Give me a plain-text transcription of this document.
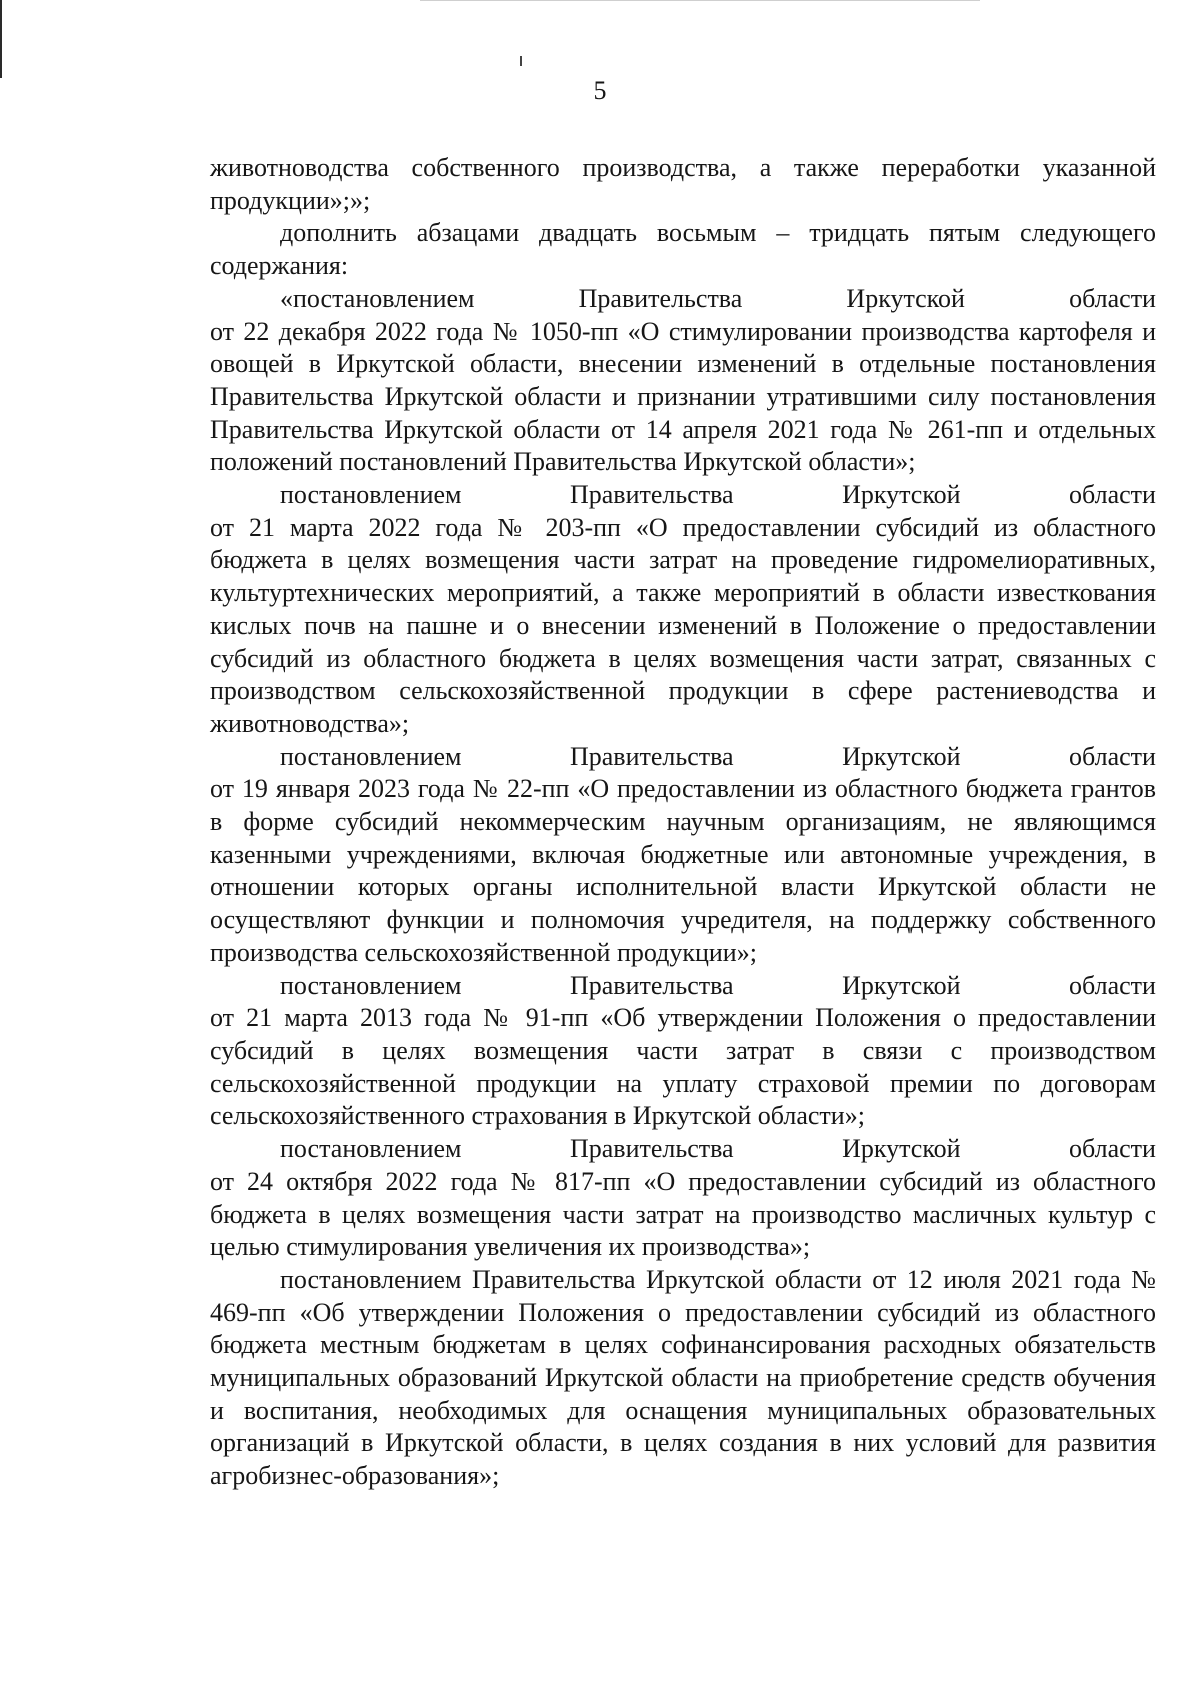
5

животноводства собственного производства, а также переработки указанной продукции»;»;

дополнить абзацами двадцать восьмым – тридцать пятым следующего содержания:

«постановлением	Правительства	Иркутской	области

от 22 декабря 2022 года № 1050-пп «О стимулировании производства картофеля и овощей в Иркутской области, внесении изменений в отдельные постановления Правительства Иркутской области и признании утратившими силу постановления Правительства Иркутской области от 14 апреля 2021 года № 261-пп и отдельных положений постановлений Правительства Иркутской области»;

постановлением	Правительства	Иркутской	области

от 21 марта 2022 года № 203-пп «О предоставлении субсидий из областного бюджета в целях возмещения части затрат на проведение гидромелиоративных, культуртехнических мероприятий, а также мероприятий в области известкования кислых почв на пашне и о внесении изменений в Положение о предоставлении субсидий из областного бюджета в целях возмещения части затрат, связанных с производством сельскохозяйственной продукции в сфере растениеводства и животноводства»;

постановлением	Правительства	Иркутской	области

от 19 января 2023 года № 22-пп «О предоставлении из областного бюджета грантов в форме субсидий некоммерческим научным организациям, не являющимся казенными учреждениями, включая бюджетные или автономные учреждения, в отношении которых органы исполнительной власти Иркутской области не осуществляют функции и полномочия учредителя, на поддержку собственного производства сельскохозяйственной продукции»;

постановлением	Правительства	Иркутской	области

от 21 марта 2013 года № 91-пп «Об утверждении Положения о предоставлении субсидий в целях возмещения части затрат в связи с производством сельскохозяйственной продукции на уплату страховой премии по договорам сельскохозяйственного страхования в Иркутской области»;

постановлением	Правительства	Иркутской	области

от 24 октября 2022 года № 817-пп «О предоставлении субсидий из областного бюджета в целях возмещения части затрат на производство масличных культур с целью стимулирования увеличения их производства»;

постановлением Правительства Иркутской области от 12 июля 2021 года № 469-пп «Об утверждении Положения о предоставлении субсидий из областного бюджета местным бюджетам в целях софинансирования расходных обязательств муниципальных образований Иркутской области на приобретение средств обучения и воспитания, необходимых для оснащения муниципальных образовательных организаций в Иркутской области, в целях создания в них условий для развития агробизнес-образования»;
